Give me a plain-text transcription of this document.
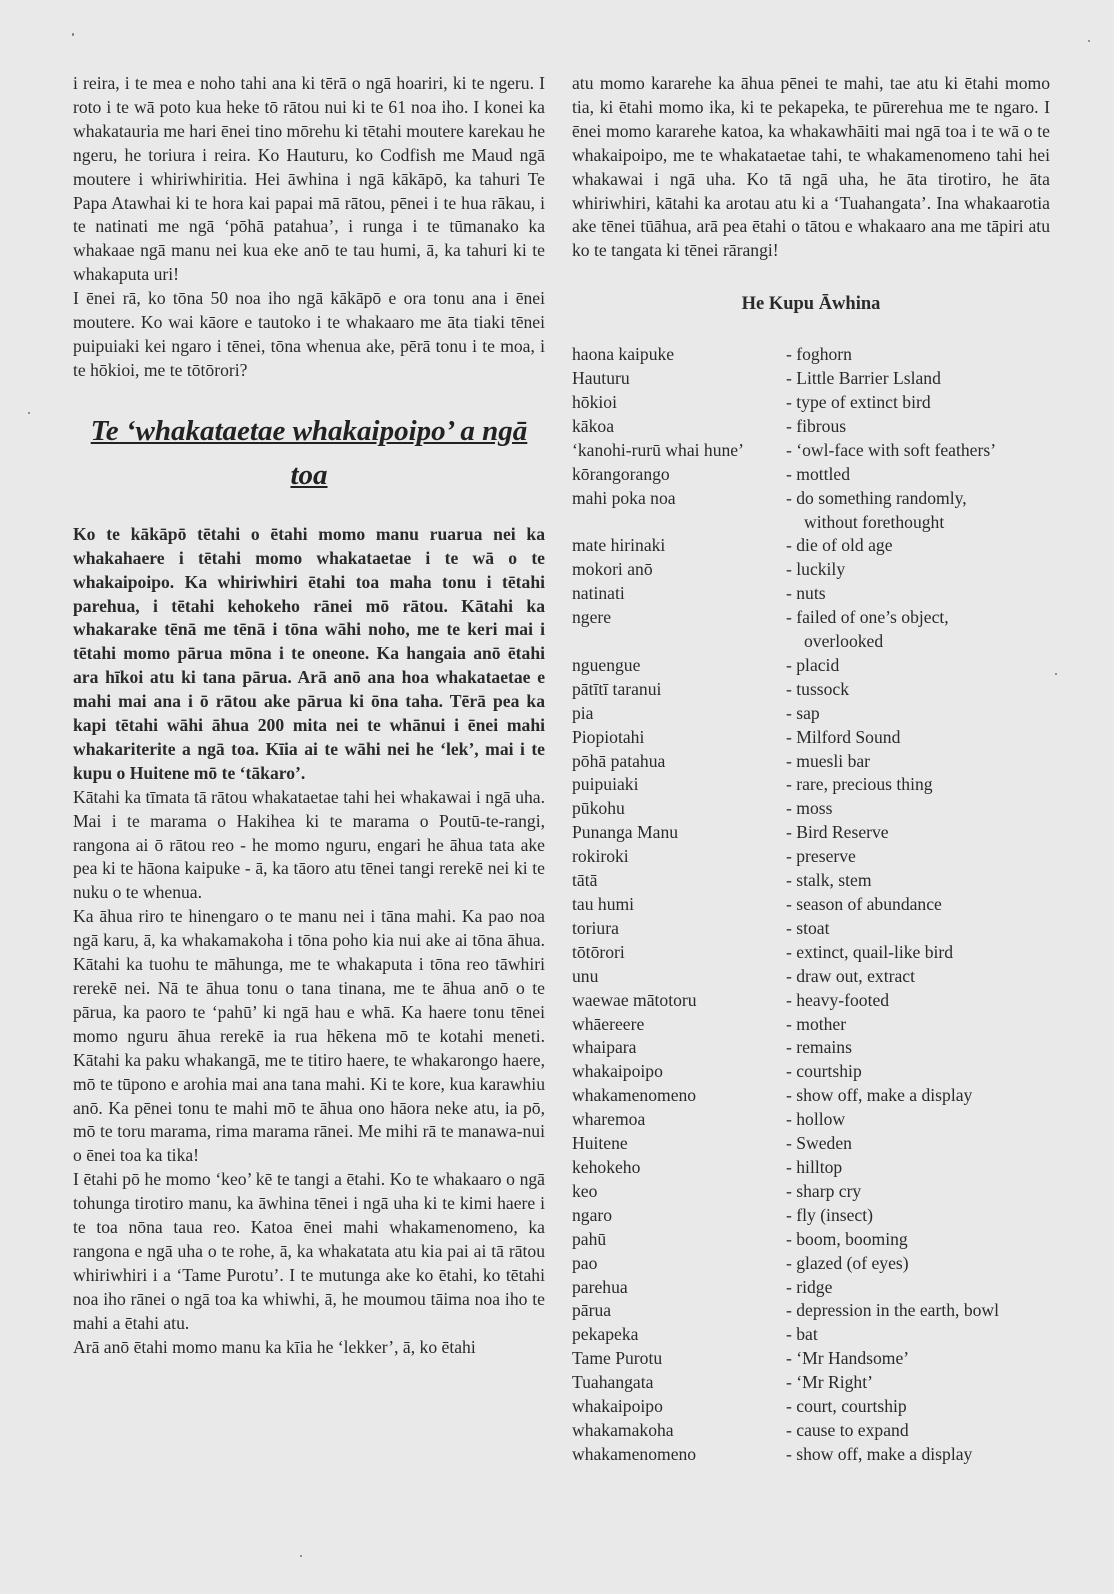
i reira, i te mea e noho tahi ana ki tērā o ngā hoariri, ki te ngeru. I roto i te wā poto kua heke tō rātou nui ki te 61 noa iho. I konei ka whakatauria me hari ēnei tino mōrehu ki tētahi moutere karekau he ngeru, he toriura i reira. Ko Hauturu, ko Codfish me Maud ngā moutere i whiriwhiritia. Hei āwhina i ngā kākāpō, ka tahuri Te Papa Atawhai ki te hora kai papai mā rātou, pēnei i te hua rākau, i te natinati me ngā ‘pōhā patahua’, i runga i te tūmanako ka whakaae ngā manu nei kua eke anō te tau humi, ā, ka tahuri ki te whakaputa uri!

I ēnei rā, ko tōna 50 noa iho ngā kākāpō e ora tonu ana i ēnei moutere. Ko wai kāore e tautoko i te whakaaro me āta tiaki tēnei puipuiaki kei ngaro i tēnei, tōna whenua ake, pērā tonu i te moa, i te hōkioi, me te tōtōrori?

Te ‘whakataetae whakaipoipo’ a ngā toa

Ko te kākāpō tētahi o ētahi momo manu ruarua nei ka whakahaere i tētahi momo whakataetae i te wā o te whakaipoipo. Ka whiriwhiri ētahi toa maha tonu i tētahi parehua, i tētahi kehokeho rānei mō rātou. Kātahi ka whakarake tēnā me tēnā i tōna wāhi noho, me te keri mai i tētahi momo pārua mōna i te oneone. Ka hangaia anō ētahi ara hīkoi atu ki tana pārua. Arā anō ana hoa whakataetae e mahi mai ana i ō rātou ake pārua ki ōna taha. Tērā pea ka kapi tētahi wāhi āhua 200 mita nei te whānui i ēnei mahi whakariterite a ngā toa. Kīia ai te wāhi nei he ‘lek’, mai i te kupu o Huitene mō te ‘tākaro’.

Kātahi ka tīmata tā rātou whakataetae tahi hei whakawai i ngā uha. Mai i te marama o Hakihea ki te marama o Poutū-te-rangi, rangona ai ō rātou reo - he momo nguru, engari he āhua tata ake pea ki te hāona kaipuke - ā, ka tāoro atu tēnei tangi rerekē nei ki te nuku o te whenua.

Ka āhua riro te hinengaro o te manu nei i tāna mahi. Ka pao noa ngā karu, ā, ka whakamakoha i tōna poho kia nui ake ai tōna āhua. Kātahi ka tuohu te māhunga, me te whakaputa i tōna reo tāwhiri rerekē nei. Nā te āhua tonu o tana tinana, me te āhua anō o te pārua, ka paoro te ‘pahū’ ki ngā hau e whā. Ka haere tonu tēnei momo nguru āhua rerekē ia rua hēkena mō te kotahi meneti. Kātahi ka paku whakangā, me te titiro haere, te whakarongo haere, mō te tūpono e arohia mai ana tana mahi. Ki te kore, kua karawhiu anō. Ka pēnei tonu te mahi mō te āhua ono hāora neke atu, ia pō, mō te toru marama, rima marama rānei. Me mihi rā te manawa-nui o ēnei toa ka tika!

I ētahi pō he momo ‘keo’ kē te tangi a ētahi. Ko te whakaaro o ngā tohunga tirotiro manu, ka āwhina tēnei i ngā uha ki te kimi haere i te toa nōna taua reo. Katoa ēnei mahi whakamenomeno, ka rangona e ngā uha o te rohe, ā, ka whakatata atu kia pai ai tā rātou whiriwhiri i a ‘Tame Purotu’. I te mutunga ake ko ētahi, ko tētahi noa iho rānei o ngā toa ka whiwhi, ā, he moumou tāima noa iho te mahi a ētahi atu.

Arā anō ētahi momo manu ka kīia he ‘lekker’, ā, ko ētahi

atu momo kararehe ka āhua pēnei te mahi, tae atu ki ētahi momo tia, ki ētahi momo ika, ki te pekapeka, te pūrerehua me te ngaro. I ēnei momo kararehe katoa, ka whakawhāiti mai ngā toa i te wā o te whakaipoipo, me te whakataetae tahi, te whakamenomeno tahi hei whakawai i ngā uha. Ko tā ngā uha, he āta tirotiro, he āta whiriwhiri, kātahi ka arotau atu ki a ‘Tuahangata’. Ina whakaarotia ake tēnei tūāhua, arā pea ētahi o tātou e whakaaro ana me tāpiri atu ko te tangata ki tēnei rārangi!

He Kupu Āwhina
haona kaipuke	- foghorn
Hauturu	- Little Barrier Lsland
hōkioi	- type of extinct bird
kākoa	- fibrous
‘kanohi-rurū whai hune’	- ‘owl-face with soft feathers’
kōrangorango	- mottled
mahi poka noa	- do something randomly,
without forethought
mate hirinaki	- die of old age
mokori anō	- luckily
natinati	- nuts
ngere	- failed of one’s object,
overlooked
nguengue	- placid
pātītī taranui	- tussock
pia	- sap
Piopiotahi	- Milford Sound
pōhā patahua	- muesli bar
puipuiaki	- rare, precious thing
pūkohu	- moss
Punanga Manu	- Bird Reserve
rokiroki	- preserve
tātā	- stalk, stem
tau humi	- season of abundance
toriura	- stoat
tōtōrori	- extinct, quail-like bird
unu	- draw out, extract
waewae mātotoru	- heavy-footed
whāereere	- mother
whaipara	- remains
whakaipoipo	- courtship
whakamenomeno	- show off, make a display
wharemoa	- hollow
Huitene	- Sweden
kehokeho	- hilltop
keo	- sharp cry
ngaro	- fly (insect)
pahū	- boom, booming
pao	- glazed (of eyes)
parehua	- ridge
pārua	- depression in the earth, bowl
pekapeka	- bat
Tame Purotu	- ‘Mr Handsome’
Tuahangata	- ‘Mr Right’
whakaipoipo	- court, courtship
whakamakoha	- cause to expand
whakamenomeno	- show off, make a display
